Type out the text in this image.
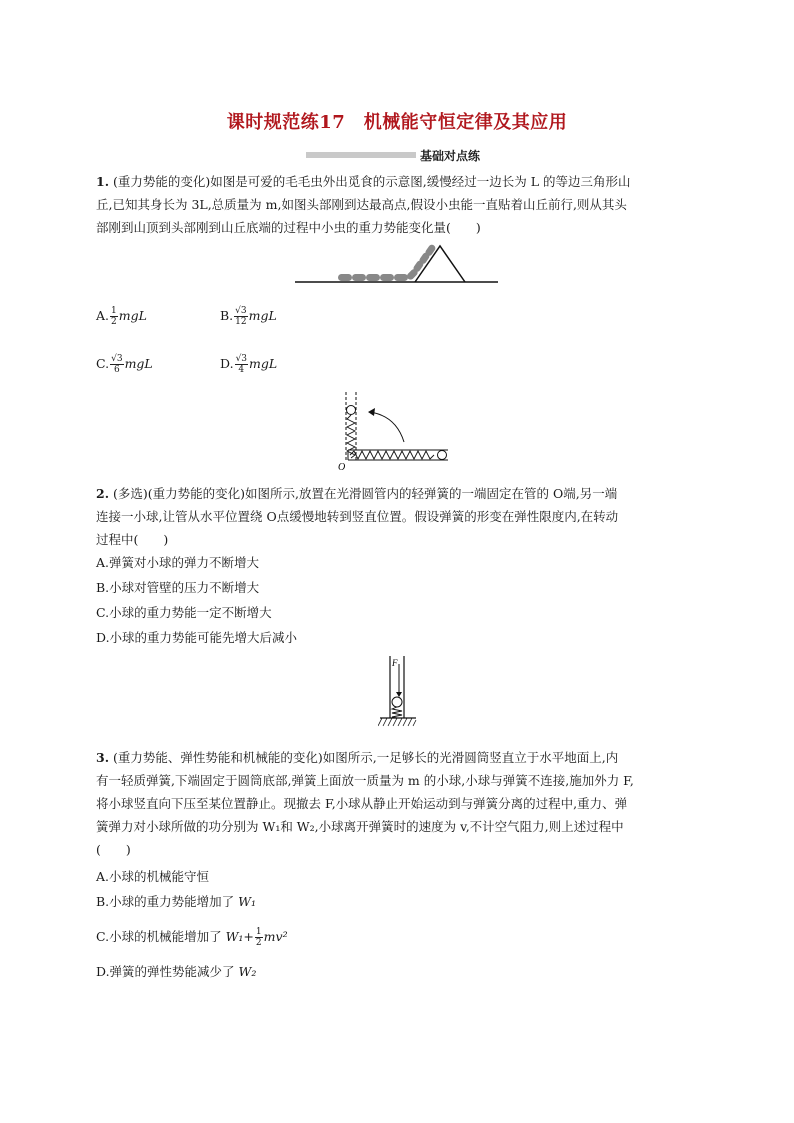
课时规范练17　机械能守恒定律及其应用
基础对点练
1. (重力势能的变化)如图是可爱的毛毛虫外出觅食的示意图,缓慢经过一边长为 L 的等边三角形山
丘,已知其身长为 3L,总质量为 m,如图头部刚到达最高点,假设小虫能一直贴着山丘前行,则从其头
部刚到山顶到头部刚到山丘底端的过程中小虫的重力势能变化量(　　)
A. $\frac{1}{2}$ mgL	B. $\frac{√3}{12}$ mgL
C. $\frac{√3}{6}$ mgL	D. $\frac{√3}{4}$ mgL
O
2. (多选)(重力势能的变化)如图所示,放置在光滑圆管内的轻弹簧的一端固定在管的 O端,另一端
连接一小球,让管从水平位置绕 O点缓慢地转到竖直位置。假设弹簧的形变在弹性限度内,在转动
过程中(　　)
A.弹簧对小球的弹力不断增大
B.小球对管壁的压力不断增大
C.小球的重力势能一定不断增大
D.小球的重力势能可能先增大后减小
F
3. (重力势能、弹性势能和机械能的变化)如图所示,一足够长的光滑圆筒竖直立于水平地面上,内
有一轻质弹簧,下端固定于圆筒底部,弹簧上面放一质量为 m 的小球,小球与弹簧不连接,施加外力 F,
将小球竖直向下压至某位置静止。现撤去 F,小球从静止开始运动到与弹簧分离的过程中,重力、弹
簧弹力对小球所做的功分别为 W₁和 W₂,小球离开弹簧时的速度为 v,不计空气阻力,则上述过程中
(　　)
A.小球的机械能守恒
B.小球的重力势能增加了 W₁
C.小球的机械能增加了 $W_1+ \frac{1}{2} mv^2$
D.弹簧的弹性势能减少了 W₂
